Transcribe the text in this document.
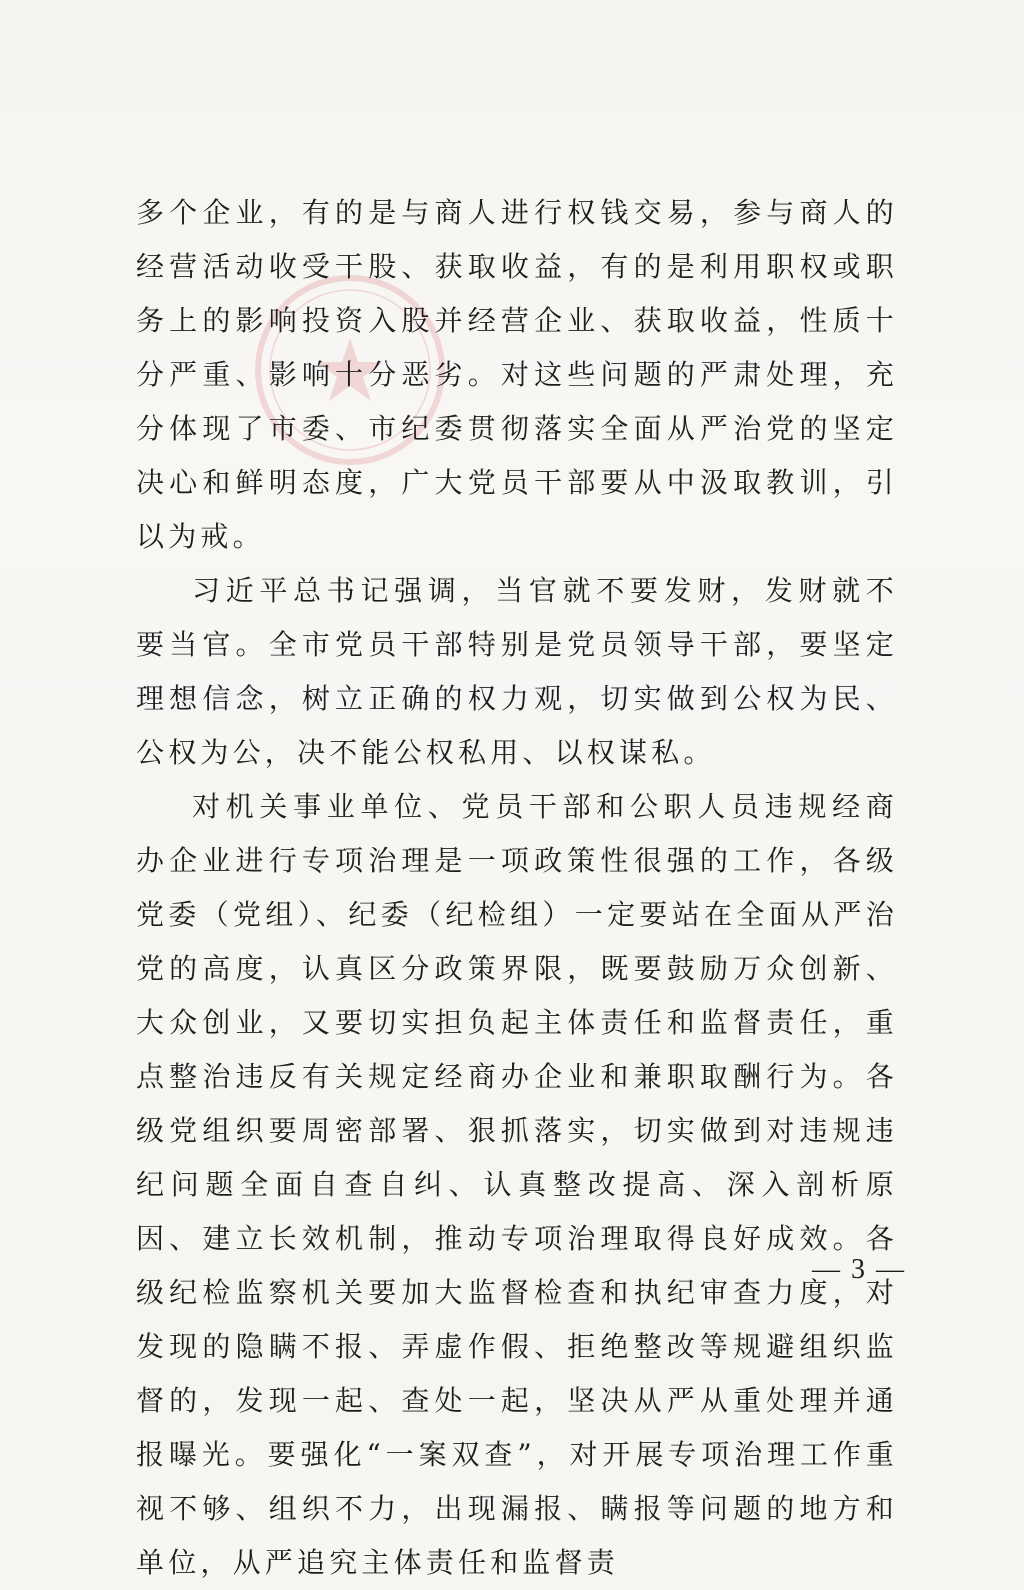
多个企业，有的是与商人进行权钱交易，参与商人的经营活动收受干股、获取收益，有的是利用职权或职务上的影响投资入股并经营企业、获取收益，性质十分严重、影响十分恶劣。对这些问题的严肃处理，充分体现了市委、市纪委贯彻落实全面从严治党的坚定决心和鲜明态度，广大党员干部要从中汲取教训，引以为戒。

习近平总书记强调，当官就不要发财，发财就不要当官。全市党员干部特别是党员领导干部，要坚定理想信念，树立正确的权力观，切实做到公权为民、公权为公，决不能公权私用、以权谋私。

对机关事业单位、党员干部和公职人员违规经商办企业进行专项治理是一项政策性很强的工作，各级党委（党组）、纪委（纪检组）一定要站在全面从严治党的高度，认真区分政策界限，既要鼓励万众创新、大众创业，又要切实担负起主体责任和监督责任，重点整治违反有关规定经商办企业和兼职取酬行为。各级党组织要周密部署、狠抓落实，切实做到对违规违纪问题全面自查自纠、认真整改提高、深入剖析原因、建立长效机制，推动专项治理取得良好成效。各级纪检监察机关要加大监督检查和执纪审查力度，对发现的隐瞒不报、弄虚作假、拒绝整改等规避组织监督的，发现一起、查处一起，坚决从严从重处理并通报曝光。要强化“一案双查”，对开展专项治理工作重视不够、组织不力，出现漏报、瞒报等问题的地方和单位，从严追究主体责任和监督责

— 3 —
